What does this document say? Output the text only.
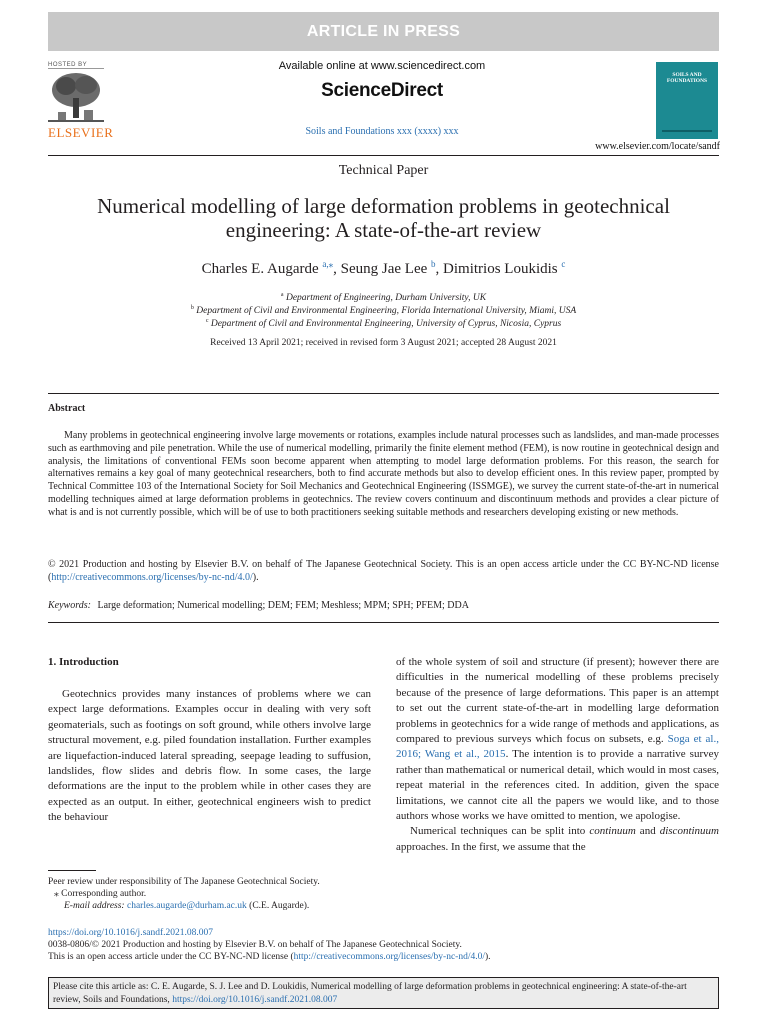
ARTICLE IN PRESS
HOSTED BY
ELSEVIER
Available online at www.sciencedirect.com
ScienceDirect
Soils and Foundations xxx (xxxx) xxx
SOILS AND FOUNDATIONS
www.elsevier.com/locate/sandf
Technical Paper
Numerical modelling of large deformation problems in geotechnical engineering: A state-of-the-art review
Charles E. Augarde $^{a,⁎}$, Seung Jae Lee $^b$, Dimitrios Loukidis $^c$
$^a$ Department of Engineering, Durham University, UK
$^b$ Department of Civil and Environmental Engineering, Florida International University, Miami, USA
$^c$ Department of Civil and Environmental Engineering, University of Cyprus, Nicosia, Cyprus
Received 13 April 2021; received in revised form 3 August 2021; accepted 28 August 2021
Abstract
Many problems in geotechnical engineering involve large movements or rotations, examples include natural processes such as landslides, and man-made processes such as earthmoving and pile penetration. While the use of numerical modelling, primarily the finite element method (FEM), is now routine in geotechnical design and analysis, the limitations of conventional FEMs soon become apparent when attempting to model large deformation problems. For this reason, the search for alternatives remains a key goal of many geotechnical researchers, both to find accurate methods but also to develop efficient ones. In this review paper, prompted by Technical Committee 103 of the International Society for Soil Mechanics and Geotechnical Engineering (ISSMGE), we survey the current state-of-the-art in numerical modelling techniques aimed at large deformation problems in geotechnics. The review covers continuum and discontinuum methods and provides a clear picture of what is and is not currently possible, which will be of use to both practitioners seeking suitable methods and researchers developing existing or new methods.
© 2021 Production and hosting by Elsevier B.V. on behalf of The Japanese Geotechnical Society. This is an open access article under the CC BY-NC-ND license (http://creativecommons.org/licenses/by-nc-nd/4.0/).
Keywords: Large deformation; Numerical modelling; DEM; FEM; Meshless; MPM; SPH; PFEM; DDA
1. Introduction

Geotechnics provides many instances of problems where we can expect large deformations. Examples occur in dealing with very soft geomaterials, such as footings on soft ground, while others involve large structural movement, e.g. piled foundation installation. Further examples are liquefaction-induced lateral spreading, seepage leading to suffusion, landslides, flow slides and debris flow. In some cases, the large deformations are the input to the problem while in other cases they are expected as an output. In either, geotechnical engineers wish to predict the behaviour

of the whole system of soil and structure (if present); however there are difficulties in the numerical modelling of these problems precisely because of the presence of large deformations. This paper is an attempt to set out the current state-of-the-art in modelling large deformation problems in geotechnics for a wide range of methods and applications, as compared to previous surveys which focus on subsets, e.g. Soga et al., 2016; Wang et al., 2015. The intention is to provide a narrative survey rather than mathematical or numerical detail, which would in most cases, repeat material in the references cited. In addition, given the space limitations, we cannot cite all the papers we would like, and to those authors whose works we have omitted to mention, we apologise.

Numerical techniques can be split into continuum and discontinuum approaches. In the first, we assume that the

Peer review under responsibility of The Japanese Geotechnical Society.
⁎ Corresponding author.
E-mail address: charles.augarde@durham.ac.uk (C.E. Augarde).
https://doi.org/10.1016/j.sandf.2021.08.007
0038-0806/© 2021 Production and hosting by Elsevier B.V. on behalf of The Japanese Geotechnical Society.
This is an open access article under the CC BY-NC-ND license (http://creativecommons.org/licenses/by-nc-nd/4.0/).
Please cite this article as: C. E. Augarde, S. J. Lee and D. Loukidis, Numerical modelling of large deformation problems in geotechnical engineering: A state-of-the-art review, Soils and Foundations, https://doi.org/10.1016/j.sandf.2021.08.007
